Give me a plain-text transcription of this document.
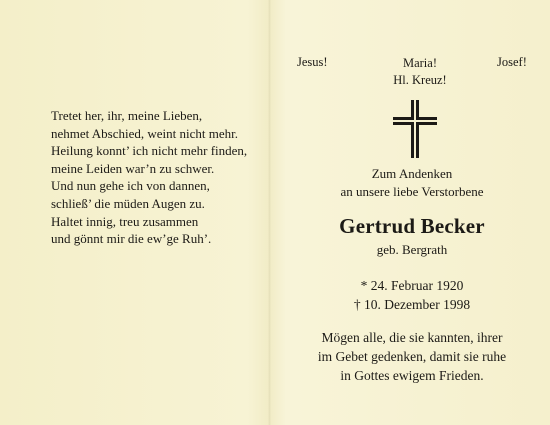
Tretet her, ihr, meine Lieben,
nehmet Abschied, weint nicht mehr.
Heilung konnt’ ich nicht mehr finden,
meine Leiden war’n zu schwer.
Und nun gehe ich von dannen,
schließ’ die müden Augen zu.
Haltet innig, treu zusammen
und gönnt mir die ew’ge Ruh’.
Jesus!	Maria!
Hl. Kreuz!
Josef!
Zum Andenken
an unsere liebe Verstorbene
Gertrud Becker
geb. Bergrath
* 24. Februar 1920
† 10. Dezember 1998
Mögen alle, die sie kannten, ihrer
im Gebet gedenken, damit sie ruhe
in Gottes ewigem Frieden.
